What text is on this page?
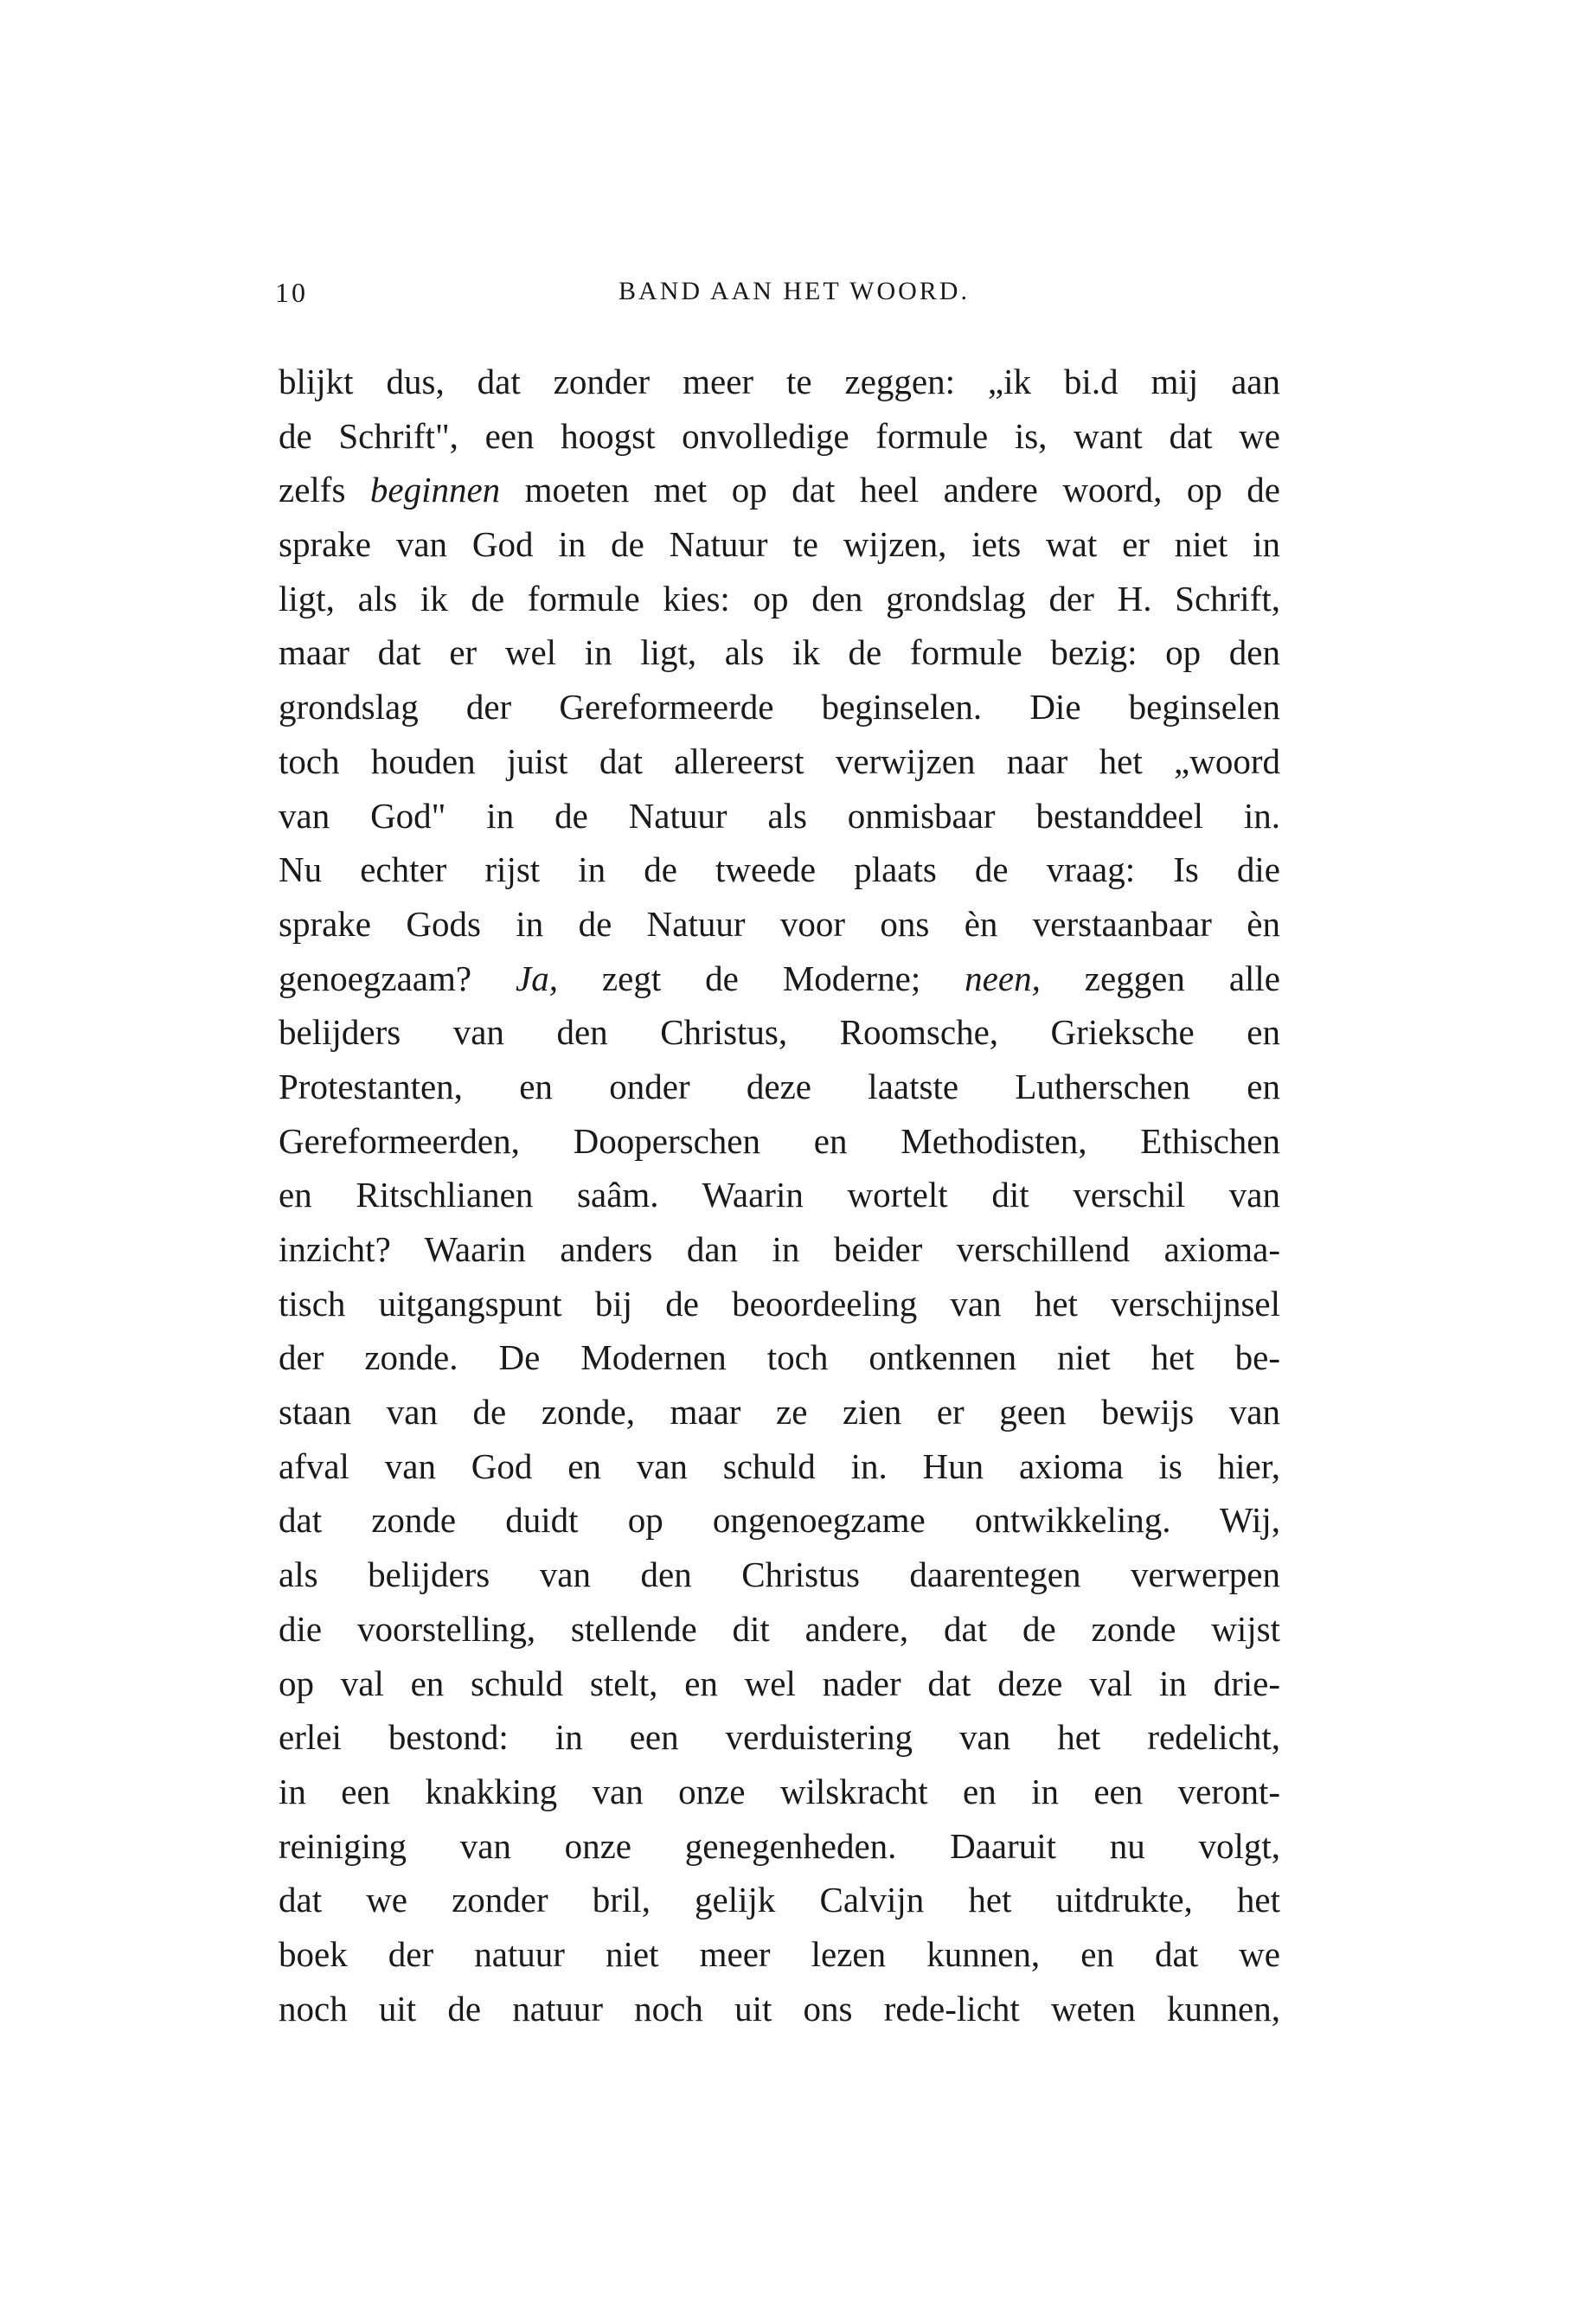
10	BAND AAN HET WOORD.
blijkt dus, dat zonder meer te zeggen: „ik bi.d mij aan
de Schrift", een hoogst onvolledige formule is, want dat we
zelfs beginnen moeten met op dat heel andere woord, op de
sprake van God in de Natuur te wijzen, iets wat er niet in
ligt, als ik de formule kies: op den grondslag der H. Schrift,
maar dat er wel in ligt, als ik de formule bezig: op den
grondslag der Gereformeerde beginselen. Die beginselen
toch houden juist dat allereerst verwijzen naar het „woord
van God" in de Natuur als onmisbaar bestanddeel in.
Nu echter rijst in de tweede plaats de vraag: Is die
sprake Gods in de Natuur voor ons èn verstaanbaar èn
genoegzaam? Ja, zegt de Moderne; neen, zeggen alle
belijders van den Christus, Roomsche, Grieksche en
Protestanten, en onder deze laatste Lutherschen en
Gereformeerden, Dooperschen en Methodisten, Ethischen
en Ritschlianen saâm. Waarin wortelt dit verschil van
inzicht? Waarin anders dan in beider verschillend axioma-
tisch uitgangspunt bij de beoordeeling van het verschijnsel
der zonde. De Modernen toch ontkennen niet het be-
staan van de zonde, maar ze zien er geen bewijs van
afval van God en van schuld in. Hun axioma is hier,
dat zonde duidt op ongenoegzame ontwikkeling. Wij,
als belijders van den Christus daarentegen verwerpen
die voorstelling, stellende dit andere, dat de zonde wijst
op val en schuld stelt, en wel nader dat deze val in drie-
erlei bestond: in een verduistering van het redelicht,
in een knakking van onze wilskracht en in een veront-
reiniging van onze genegenheden. Daaruit nu volgt,
dat we zonder bril, gelijk Calvijn het uitdrukte, het
boek der natuur niet meer lezen kunnen, en dat we
noch uit de natuur noch uit ons rede-licht weten kunnen,
